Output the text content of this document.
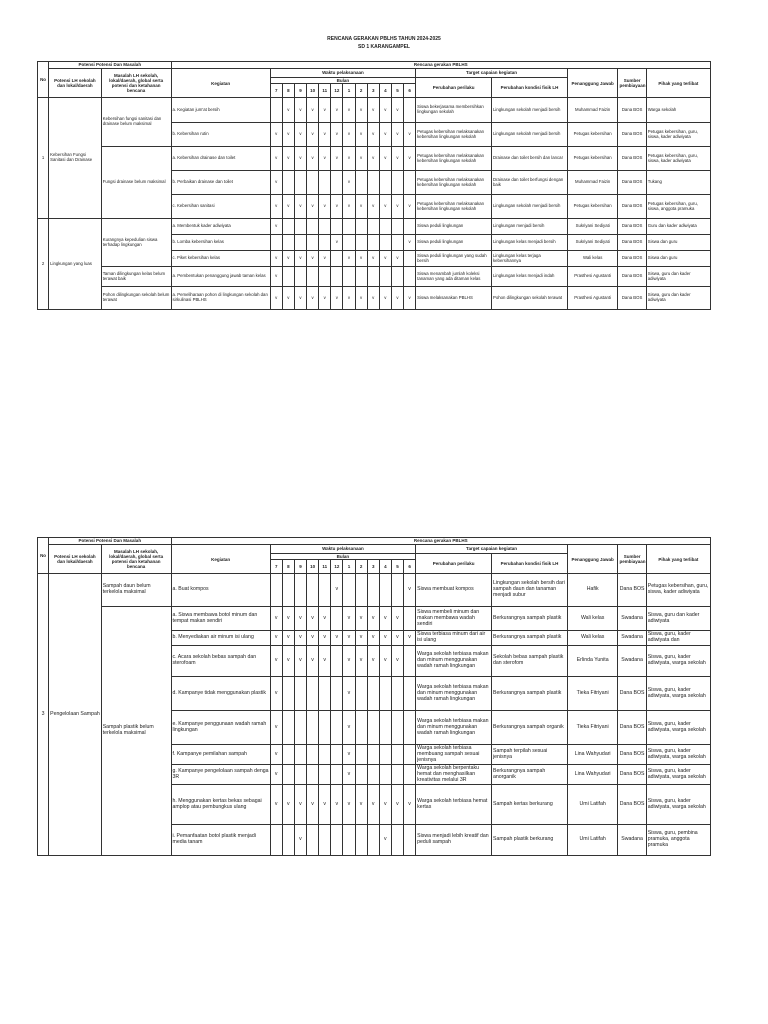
RENCANA GERAKAN PBLHS TAHUN 2024-2025
SD 1 KARANGAMPEL
No	Potensi Potensi Dan Masalah		Rencana gerakan PBLHS																	
	Potensi LH sekolah dan lokal/daerah	Masalah LH sekolah, lokal/daerah, global serta potensi dan ketahanan bencana	Kegiatan	Waktu pelaksanaan												Target capaian kegiatan		Penanggung Jawab	Sumber pembiayaan	Pihak yang terlibat
				Bulan												Perubahan perilaku	Perubahan kondisi fisik LH			
				7	8	9	10	11	12	1	2	3	4	5	6					
1	Kebersihan Fungsi Sanitasi dan Drainase	Kebersihan fungsi sanitasi dan drainase belum maksimal	a. Kegiatan jum'at bersih		v	v	v	v	v	v	v	v	v	v		Siswa bekerjasama membersihkan lingkungan sekolah	Lingkungan sekolah menjadi bersih	Muhammad Faizin	Dana BOS	Warga sekolah
			b. Kebersihan rutin	v	v	v	v	v	v	v	v	v	v	v	v	Petugas kebersihan melaksanakan kebersihan lingkungan sekolah	Lingkungan sekolah menjadi bersih	Petugas kebersihan	Dana BOS	Petugas kebersihan, guru, siswa, kader adiwiyata
		Fungsi drainase belum maksimal	a. Kebersihan drainase dan toilet	v	v	v	v	v	v	v	v	v	v	v	v	Petugas kebersihan melaksanakan kebersihan lingkungan sekolah	Drainase dan toilet bersih dan lancar	Petugas kebersihan	Dana BOS	Petugas kebersihan, guru, siswa, kader adiwiyata
			b. Perbaikan drainase dan toilet	v						v						Petugas kebersihan melaksanakan kebersihan lingkungan sekolah	Drainase dan toilet berfungsi dengan baik	Muhammad Faizin	Dana BOS	Tukang
			c. Kebersihan sanitasi	v	v	v	v	v	v	v	v	v	v	v	v	Petugas kebersihan melaksanakan kebersihan lingkungan sekolah	Lingkungan sekolah menjadi bersih	Petugas kebersihan	Dana BOS	Petugas kebersihan, guru, siswa, anggota pramuka
2	Lingkungan yang luas	Kurangnya kepedulian siswa terhadap lingkungan	a. Membentuk kader adiwiyata	v												Siswa peduli lingkungan	Lingkungan menjadi bersih	Sukriyani Sediyati	Dana BOS	Guru dan kader adiwiyata
			b. Lomba kebersihan kelas						v						v	Siswa peduli lingkungan	Lingkungan kelas menjadi bersih	Sukriyani Sediyati	Dana BOS	Siswa dan guru
			c. Piket kebersihan kelas	v	v	v	v	v		v	v	v	v	v		Siswa peduli lingkungan yang sudah bersih	Lingkungan kelas terjaga kebersihannya	Wali kelas	Dana BOS	Siswa dan guru
		Taman dilingkungan kelas belum terawat baik	a. Pembentukan penanggung jawab taman kelas	v												Siswa menambah jumlah koleksi tanaman yang ada ditaman kelas	Lingkungan kelas menjadi indah	Prasthesi Agustanti	Dana BOS	Siswa, guru dan kader adiwiyata
		Pohon dilingkungan sekolah belum terawat	a. Pemeliharaan pohon di lingkungan sekolah dan sirkulinasi PBLHS	v	v	v	v	v	v	v	v	v	v	v	v	Siswa melaksanakan PBLHS	Pohon dilingkungan sekolah terawat	Prasthesi Agustanti	Dana BOS	Siswa, guru dan kader adiwiyata
No	Potensi Potensi Dan Masalah		Rencana gerakan PBLHS																	
	Potensi LH sekolah dan lokal/daerah	Masalah LH sekolah, lokal/daerah, global serta potensi dan ketahanan bencana	Kegiatan	Waktu pelaksanaan												Target capaian kegiatan		Penanggung Jawab	Sumber pembiayaan	Pihak yang terlibat
				Bulan												Perubahan perilaku	Perubahan kondisi fisik LH			
				7	8	9	10	11	12	1	2	3	4	5	6					
3	Pengelolaan Sampah	Sampah daun belum terkelola maksimal	a. Buat kompos						v						v	Siswa membuat kompos	Lingkungan sekolah bersih dari sampah daun dan tanaman menjadi subur	Hafik	Dana BOS	Petugas kebersihan, guru, siswa, kader adiwiyata
		Sampah plastik belum terkelola maksimal	a. Siswa membawa botol minum dan tempat makan sendiri	v	v	v	v	v		v	v	v	v	v		Siswa membeli minum dan makan membawa wadah sendiri	Berkurangnya sampah plastik	Wali kelas	Swadana	Siswa, guru dan kader adiwiyata
			b. Menyediakan air minum isi ulang	v	v	v	v	v	v	v	v	v	v	v	v	Siswa terbiasa minum dari air isi ulang	Berkurangnya sampah plastik	Wali kelas	Swadana	Siswa, guru, kader adiwiyata dan
			c. Acara sekolah bebas sampah dan sterofoam	v	v	v	v	v		v	v	v	v	v		Warga sekolah terbiasa makan dan minum menggunakan wadah ramah lingkungan	Sekolah bebas sampah plastik dan sterofom	Erlinda Yunita	Swadana	Siswa, guru, kader adiwiyata, warga sekolah
			d. Kampanye tidak menggunakan plastik	v						v						Warga sekolah terbiasa makan dan minum menggunakan wadah ramah lingkungan	Berkurangnya sampah plastik	Tieka Fitriyani	Dana BOS	Siswa, guru, kader adiwiyata, warga sekolah
			e. Kampanye penggunaan wadah ramah lingkungan	v						v						Warga sekolah terbiasa makan dan minum menggunakan wadah ramah lingkungan	Berkurangnya sampah organik	Tieka Fitriyani	Dana BOS	Siswa, guru, kader adiwiyata, warga sekolah
			f. Kampanye pemilahan sampah	v						v						Warga sekolah terbiasa membuang sampah sesuai jenisnya	Sampah terpilah sesuai jenisnya	Lina Wahyudari	Dana BOS	Siswa, guru, kader adiwiyata, warga sekolah
			g. Kampanye pengelolaan sampah denga 3R	v						v						Warga sekolah berpentaku hemat dan menghasilkan kreativitas melalui 3R	Berkurangnya sampah anorganik	Lina Wahyudari	Dana BOS	Siswa, guru, kader adiwiyata, warga sekolah
			h. Menggunakan kertas bekas sebagai amplop atau pembungkus ulang	v	v	v	v	v	v	v	v	v	v	v	v	Warga sekolah terbiasa hemat kertas	Sampah kertas berkurang	Umi Latifah	Dana BOS	Siswa, guru, kader adiwiyata, warga sekolah
			i. Pemanfaatan botol plastik menjadi media tanam			v							v			Siswa menjadi lebih kreatif dan peduli sampah	Sampah plastik berkurang	Umi Latifah	Swadana	Siswa, guru, pembina pramuka, anggota pramuka
